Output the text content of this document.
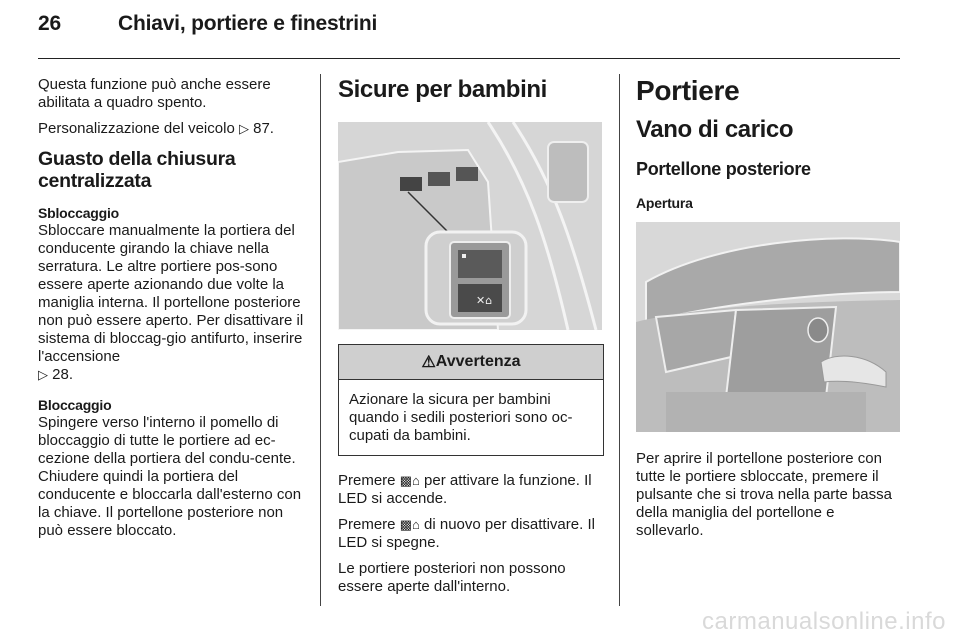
26	Chiavi, portiere e finestrini

Questa funzione può anche essere abilitata a quadro spento.

Personalizzazione del veicolo ▷ 87.

Guasto della chiusura centralizzata
Sbloccaggio

Sbloccare manualmente la portiera del conducente girando la chiave nella serratura. Le altre portiere pos-sono essere aperte azionando due volte la maniglia interna. Il portellone posteriore non può essere aperto. Per disattivare il sistema di bloccag-gio antifurto, inserire l'accensione
▷ 28.

Bloccaggio

Spingere verso l'interno il pomello di bloccaggio di tutte le portiere ad ec-cezione della portiera del condu-cente. Chiudere quindi la portiera del conducente e bloccarla dall'esterno con la chiave. Il portellone posteriore non può essere bloccato.

Sicure per bambini
✕⌂
⚠ Avvertenza
Azionare la sicura per bambini quando i sedili posteriori sono oc-cupati da bambini.

Premere ▩⌂ per attivare la funzione. Il LED si accende.

Premere ▩⌂ di nuovo per disattivare. Il LED si spegne.

Le portiere posteriori non possono essere aperte dall'interno.

Portiere
Vano di carico
Portellone posteriore
Apertura

Per aprire il portellone posteriore con tutte le portiere sbloccate, premere il pulsante che si trova nella parte bassa della maniglia del portellone e sollevarlo.

carmanualsonline.info
